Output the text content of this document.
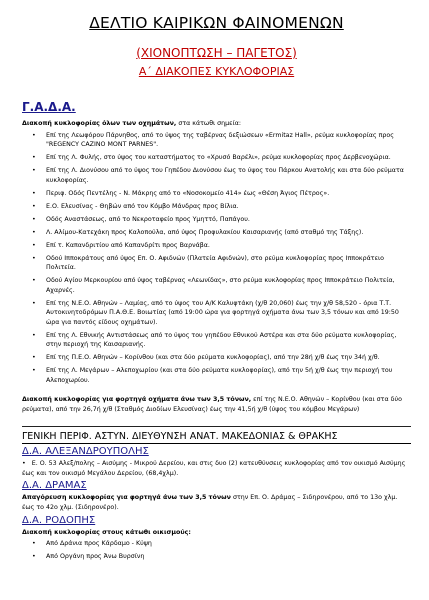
ΔΕΛΤΙΟ ΚΑΙΡΙΚΩΝ ΦΑΙΝΟΜΕΝΩΝ
(ΧΙΟΝΟΠΤΩΣΗ – ΠΑΓΕΤΟΣ)
Α΄ ΔΙΑΚΟΠΕΣ ΚΥΚΛΟΦΟΡΙΑΣ
Γ.Α.Δ.Α.
Διακοπή κυκλοφορίας όλων των οχημάτων, στα κάτωθι σημεία:
• Επί της Λεωφόρου Πάρνηθος, από το ύψος της ταβέρνας δεξιώσεων «Ermitaz Hall», ρεύμα κυκλοφορίας προς "REGENCY CAZINO MONT PARNES".
• Επί της Λ. Φυλής, στο ύψος του καταστήματος το «Χρυσό Βαρέλι», ρεύμα κυκλοφορίας προς Δερβενοχώρια.
• Επί της Λ. Διονύσου από το ύψος του Γηπέδου Διονύσου έως το ύψος του Πάρκου Ανατολής και στα δύο ρεύματα κυκλοφορίας.
• Περιφ. Οδός Πεντέλης - Ν. Μάκρης από το «Νοσοκομείο 414» έως «Θέση Άγιος Πέτρος».
• Ε.Ο. Ελευσίνας - Θηβών από τον Κόμβο Μάνδρας προς Βίλια.
• Οδός Αναστάσεως, από το Νεκροταφείο προς Υμηττό, Παπάγου.
• Λ. Αλίμου-Κατεχάκη προς Καλοπούλα, από ύψος Προφυλακίου Καισαριανής (από σταθμό της Τάξης).
• Επί τ. Καπανδριτίου από Καπανδρίτι προς Βαρνάβα.
• Οδού Ιπποκράτους από ύψος Επ. Ο. Αφιδνών (Πλατεία Αφιδνών), στο ρεύμα κυκλοφορίας προς Ιπποκράτειο Πολιτεία.
• Οδού Αγίου Μερκουρίου από ύψος ταβέρνας «Λεωνίδας», στο ρεύμα κυκλοφορίας προς Ιπποκράτειο Πολιτεία, Αχαρνές.
• Επί της Ν.Ε.Ο. Αθηνών – Λαμίας, από το ύψος του Α/Κ Καλυφτάκη (χ/θ 20,060) έως την χ/θ 58,520 - όρια Τ.Τ. Αυτοκινητοδρόμων Π.Α.Θ.Ε. Βοιωτίας (από 19:00 ώρα για φορτηγά οχήματα άνω των 3,5 τόνων και από 19:50 ώρα για παντός είδους οχημάτων).
• Επί της Λ. Εθνικής Αντιστάσεως από το ύψος του γηπέδου Εθνικού Αστέρα και στα δύο ρεύματα κυκλοφορίας, στην περιοχή της Καισαριανής.
• Επί της Π.Ε.Ο. Αθηνών – Κορίνθου (και στα δύο ρεύματα κυκλοφορίας), από την 28ή χ/θ έως την 34ή χ/θ.
• Επί της Λ. Μεγάρων – Αλεποχωρίου (και στα δύο ρεύματα κυκλοφορίας), από την 5ή χ/θ έως την περιοχή του Αλεποχωρίου.
Διακοπή κυκλοφορίας για φορτηγά οχήματα άνω των 3,5 τόνων, επί της Ν.Ε.Ο. Αθηνών – Κορίνθου (και στα δύο ρεύματα), από την 26,7ή χ/θ (Σταθμός Διοδίων Ελευσίνας) έως την 41,5ή χ/θ (ύψος του κόμβου Μεγάρων)
ΓΕΝΙΚΗ ΠΕΡΙΦ. ΑΣΤΥΝ. ΔΙΕΥΘΥΝΣΗ ΑΝΑΤ. ΜΑΚΕΔΟΝΙΑΣ & ΘΡΑΚΗΣ
Δ.Α. ΑΛΕΞΑΝΔΡΟΥΠΟΛΗΣ
•   Ε. Ο. 53 Αλεξ/πολης – Αισύμης - Μικρού Δερείου, και στις δυο (2) κατευθύνσεις κυκλοφορίας από τον οικισμό Αισύμης έως και τον οικισμό Μεγάλου Δερείου, (68,4χλμ).
Δ.Α. ΔΡΑΜΑΣ
Απαγόρευση κυκλοφορίας για φορτηγά άνω των 3,5 τόνων στην Επ. Ο. Δράμας – Σιδηρονέρου, από το 13ο χλμ. έως το 42ο χλμ. (Σιδηρονέρο).
Δ.Α. ΡΟΔΟΠΗΣ
Διακοπή κυκλοφορίας στους κάτωθι οικισμούς:
• Από Δράνια προς Κάρδαμο - Κύψη
• Από Οργάνη προς Άνω Βυρσίνη
